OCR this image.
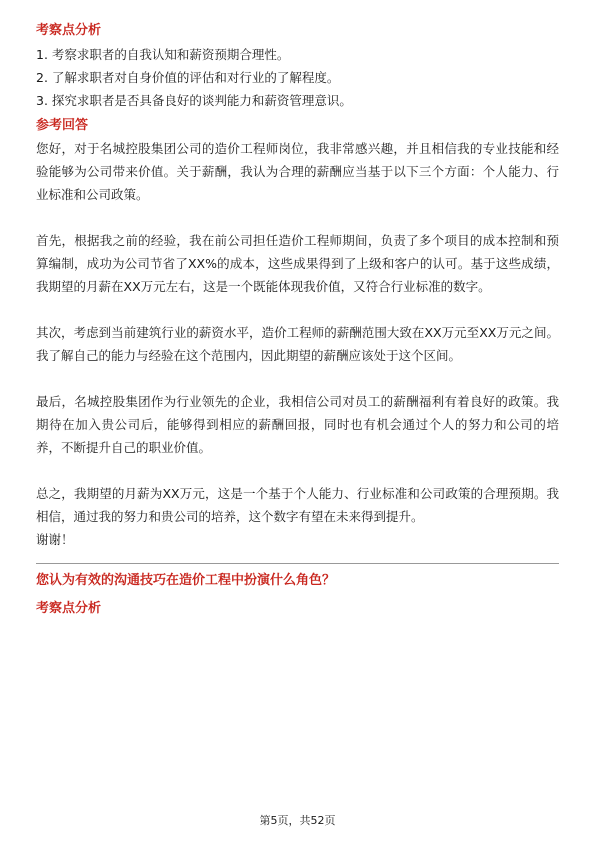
考察点分析

1. 考察求职者的自我认知和薪资预期合理性。

2. 了解求职者对自身价值的评估和对行业的了解程度。

3. 探究求职者是否具备良好的谈判能力和薪资管理意识。

参考回答

您好，对于名城控股集团公司的造价工程师岗位，我非常感兴趣，并且相信我的专业技能和经验能够为公司带来价值。关于薪酬，我认为合理的薪酬应当基于以下三个方面：个人能力、行业标准和公司政策。

首先，根据我之前的经验，我在前公司担任造价工程师期间，负责了多个项目的成本控制和预算编制，成功为公司节省了XX%的成本，这些成果得到了上级和客户的认可。基于这些成绩，我期望的月薪在XX万元左右，这是一个既能体现我价值，又符合行业标准的数字。

其次，考虑到当前建筑行业的薪资水平，造价工程师的薪酬范围大致在XX万元至XX万元之间。我了解自己的能力与经验在这个范围内，因此期望的薪酬应该处于这个区间。

最后，名城控股集团作为行业领先的企业，我相信公司对员工的薪酬福利有着良好的政策。我期待在加入贵公司后，能够得到相应的薪酬回报，同时也有机会通过个人的努力和公司的培养，不断提升自己的职业价值。

总之，我期望的月薪为XX万元，这是一个基于个人能力、行业标准和公司政策的合理预期。我相信，通过我的努力和贵公司的培养，这个数字有望在未来得到提升。

谢谢！

您认为有效的沟通技巧在造价工程中扮演什么角色？

考察点分析

第5页，共52页
